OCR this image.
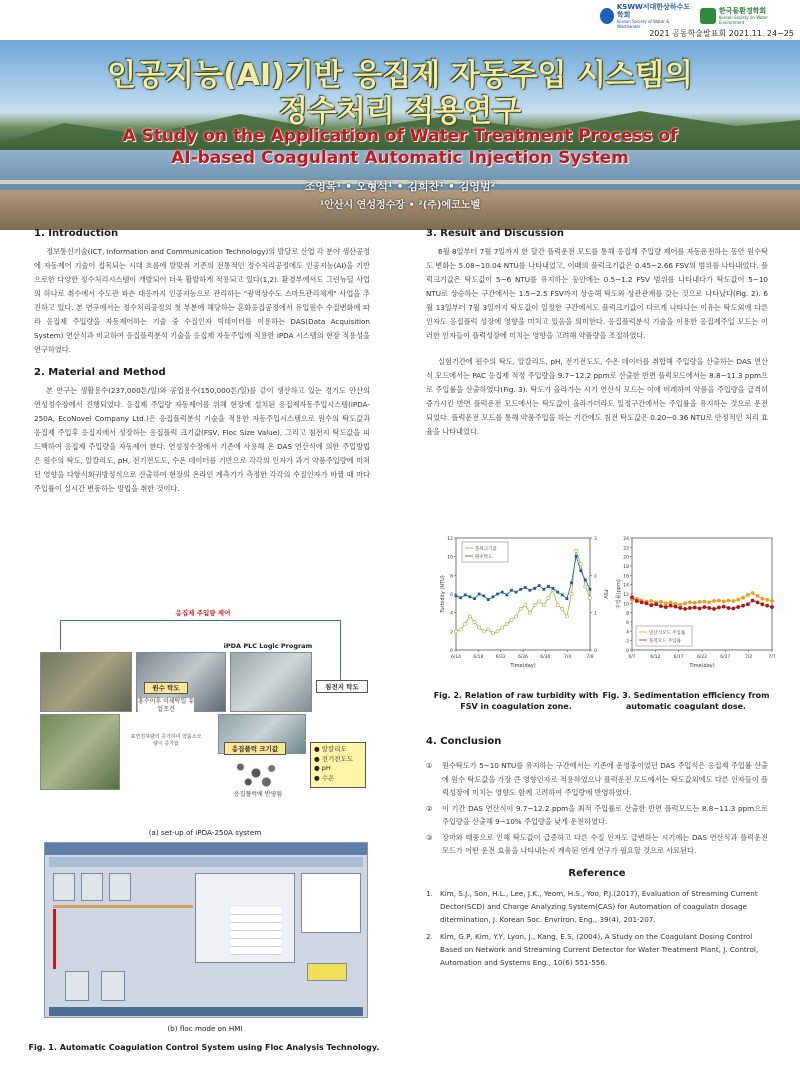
KSWW서대한상하수도학회
Korean Society of Water & Wastewater
한국물환경학회
Korean Society on Water Environment
2021 공동학술발표회 2021.11. 24~25
인공지능(AI)기반 응집제 자동주입 시스템의
정수처리 적용연구
A Study on the Application of Water Treatment Process of
AI-based Coagulant Automatic Injection System
조영목¹ • 오형석¹ • 김희찬¹ • 김영범²
¹안산시 연성정수장 • ²(주)에코노벨
1. Introduction

정보통신기술(ICT, Information and Communication Technology)의 발달로 산업 각 분야 생산공정에 자동제어 기술이 접목되는 시대 흐름에 발맞춰 기존의 전통적인 정수처리공정에도 인공지능(AI)을 기반으로한 다양한 정수처리시스템이 개발되어 더욱 활발하게 적용되고 있다(1,2). 환경부에서도 그린뉴딜 사업의 하나로 취수에서 수도관 파손 대응까지 인공지능으로 관리하는 "광역상수도 스마트관리체계" 사업을 추진하고 있다. 본 연구에서는 정수처리공정의 첫 부분에 해당하는 혼화응집공정에서 유입원수 수질변화에 따라 응집제 주입량을 자동제어하는 기술 중 수질인자 빅데이터를 이용하는 DAS(Data Acquisition System) 연산식과 비교하여 응집플럭분석 기술을 응집제 자동주입에 적용한 iPDA 시스템의 현장 적용성을 연구하였다.

2. Material and Method

본 연구는 생활용수(237,000톤/일)와 공업용수(150,000톤/일)를 같이 생산하고 있는 경기도 안산의 연성정수장에서 진행되었다. 응집제 주입량 자동제어를 위해 현장에 설치된 응집제자동주입시스템(iPDA-250A, EcoNovel Company Ltd.)은 응집플럭분석 기술을 적용한 자동주입시스템으로 원수의 탁도값과 응집제 주입후 응집지에서 성장하는 응집플럭 크기값(FSV, Floc Size Value), 그리고 침전지 탁도값을 피드백하여 응집제 주입량을 자동제어 한다. 연성정수장에서 기존에 사용해 온 DAS 연산식에 의한 주입방법은 원수의 탁도, 알칼리도, pH, 전기전도도, 수온 데이터를 기반으로 각각의 인자가 과거 약품주입량에 미쳐던 영향을 다항식회귀방정식으로 산출하여 현장의 온라인 계측기가 측정한 각각의 수질인자가 바뀔 때 마다 주입률이 실시간 변동하는 방법을 취한 것이다.

응집제 주입량 제어
iPDA PLC Logic Program
원수 탁도	침전지 탁도
홍수이후 이세탁일 유입조건
표면전하량의 증가하여 약품소모량이 증가함
응집플럭 크기값	● 알칼리도
● 전기전도도
● pH
● 수온
응집플럭에 반영됨
(a) set-up of iPDA-250A system
(b) floc mode on HMI
Fig. 1. Automatic Coagulation Control System using Floc Analysis Technology.
3. Result and Discussion

6월 8일부터 7월 7일까지 한 달간 플럭운전 모드를 통해 응집제 주입량 제어를 자동운전하는 동안 원수탁도 변화는 5.08~10.04 NTU를 나타내었고, 이때의 플럭크기값은 0.45~2.66 FSV의 범위를 나타내었다. 플럭크기값은 탁도값이 5~6 NTU를 유지하는 동안에는 0.5~1.2 FSV 범위를 나타내다가 탁도값이 5~10 NTU로 상승하는 구간에서는 1.5~2.5 FSV까지 상승해 탁도와 상관관계를 갖는 것으로 나타났다(Fig. 2). 6월 13일부터 7월 3일까지 탁도값이 일정한 구간에서도 플럭크기값이 다르게 나타나는 이유는 탁도외에 다른 인자도 응집플럭 성장에 영향을 미치고 있음을 의미한다. 응집플럭분석 기술을 이용한 응집제주입 모드는 이러한 인자들이 플럭성장에 미치는 영향을 고려해 약품량을 조절하였다.

실험기간에 원수의 탁도, 알칼리도, pH, 전기전도도, 수온 데이터를 취합해 주입량을 산출하는 DAS 연산식 모드에서는 PAC 응집제 적정 주입량을 9.7~12.2 ppm로 산출한 반면 플럭모드에서는 8.8~11.3 ppm으로 주입률을 산출하였다(Fig. 3). 탁도가 올라가는 시기 연산식 모드는 이에 비례하여 약품을 주입량을 급격히 증가시킨 반면 플럭운전 모드에서는 탁도값이 올라가더라도 일정구간에서는 주입률을 유지하는 것으로 운전되었다. 플럭운전 모드를 통해 약품주입을 하는 기간에도 침전 탁도값은 0.20~0.36 NTU로 안정적인 처리 효율을 나타내었다.

0
2
4
6
8
10
12
0
1
2
3
6/14	6/18	6/22	6/26	6/30	7/4	7/8
Time(day)
Turbidity (NTU)	FSV
플럭크기값
원수탁도
0
2
4
6
8
10
12
14
16
18
20
22
24
6/7	6/12	6/17	6/22	6/27	7/2	7/7
Time(day)
주입률(ppm)
연산식모드 주입률
플럭모드 주입률
Fig. 2. Relation of raw turbidity with FSV in coagulation zone.
Fig. 3. Sedimentation efficiency from automatic coagulant dose.
4. Conclusion
① 원수탁도가 5~10 NTU를 유지하는 구간에서는 기존에 운영중이었던 DAS 주입식은 응집제 주입률 산출에 원수 탁도값을 가장 큰 영향인자로 적용하였으나 플럭운전 모드에서는 탁도값외에도 다른 인자들이 플럭성장에 미치는 영향도 함께 고려하여 주입량에 반영하였다.
② 이 기간 DAS 연산식이 9.7~12.2 ppm을 최적 주입률로 산출한 반면 플럭모드는 8.8~11.3 ppm으로 주입량을 산출해 9~10% 주입량을 낮게 운전하였다.
③ 장마와 태풍으로 인해 탁도값이 급증하고 다른 수질 인자도 급변하는 시기에는 DAS 연산식과 플럭운전 모드가 어떤 운전 효율을 나타내는지 계속된 연계 연구가 필요할 것으로 사료된다.
Reference
1. Kim, S.J., Son, H.L., Lee, J.K., Yeom, H.S., Yoo, P.J.(2017), Evaluation of Streaming Current Dector(SCD) and Charge Analyzing System(CAS) for Automation of coagulatn dosage ditermination, J. Korean Soc. Envriron. Eng., 39(4), 201-207.
2. Kim, G.P, Kim, Y.Y, Lyon, J., Kang, E.S, (2004), A Study on the Coagulant Dosing Control Based on Network and Streaming Current Detector for Water Treatment Plant, J. Control, Automation and Systems Eng., 10(6) 551-556.
